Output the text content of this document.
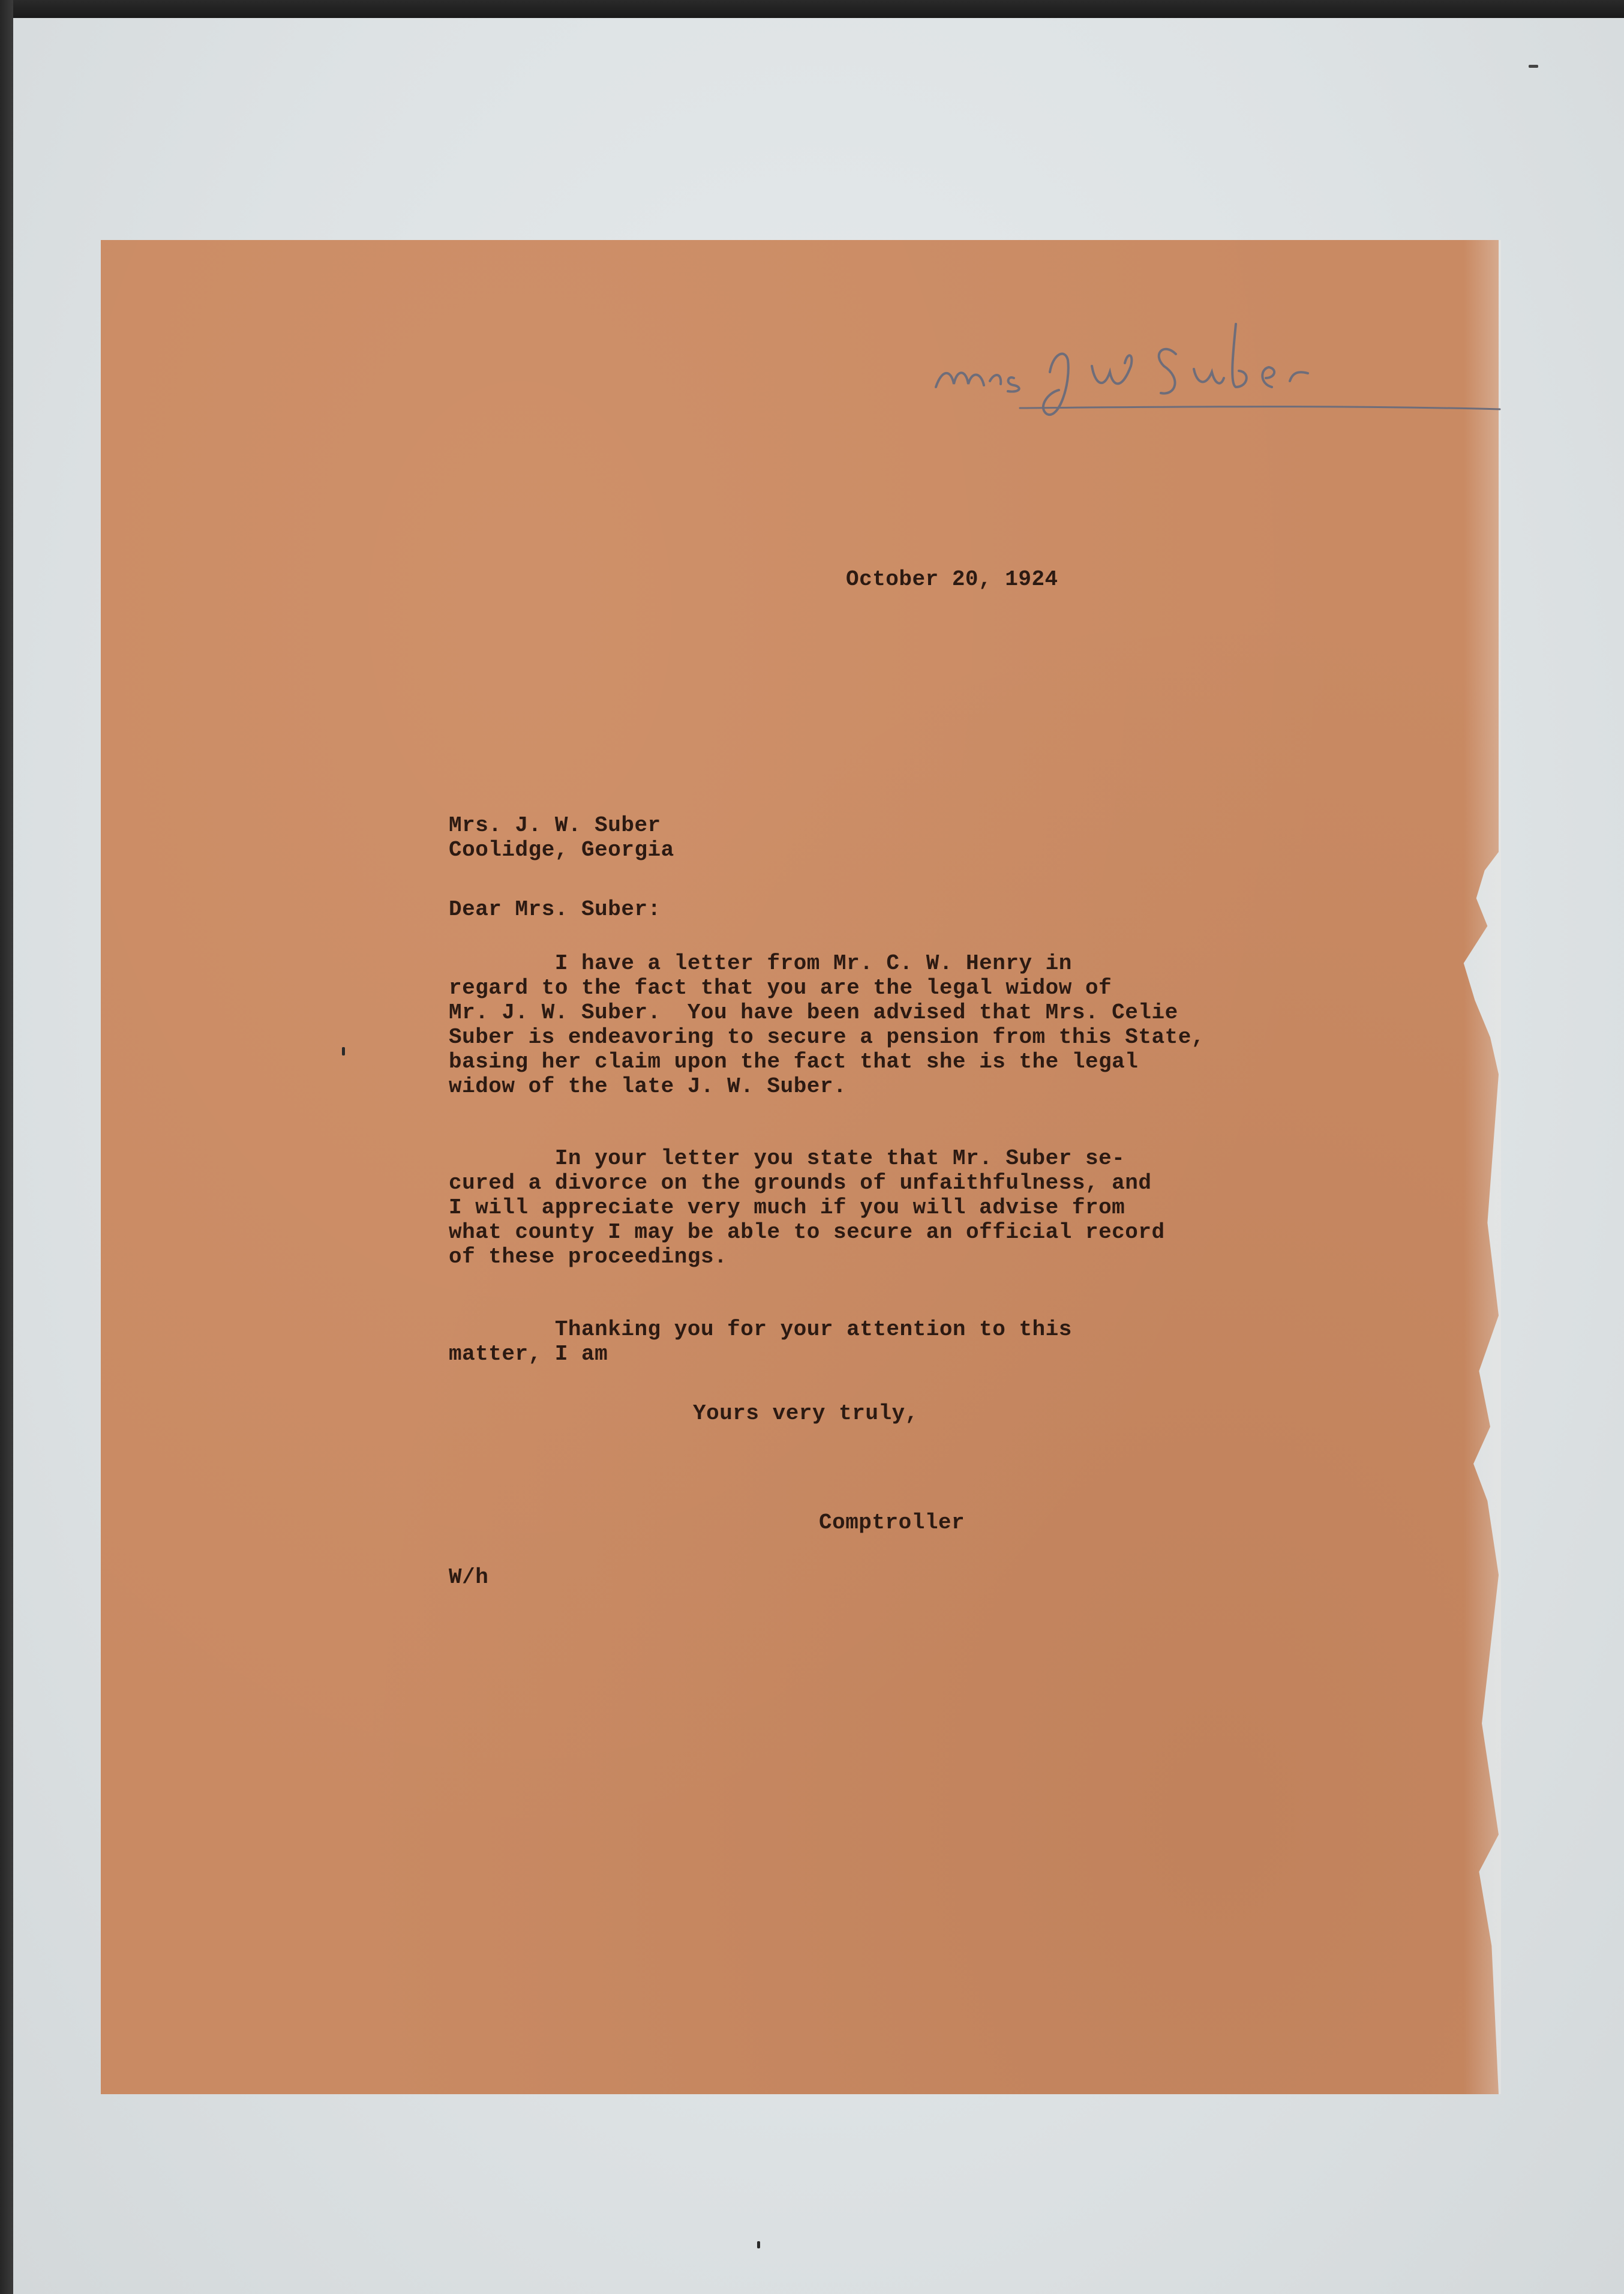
October 20, 1924
Mrs. J. W. Suber
Coolidge, Georgia
Dear Mrs. Suber:
I have a letter from Mr. C. W. Henry in
regard to the fact that you are the legal widow of
Mr. J. W. Suber.  You have been advised that Mrs. Celie
Suber is endeavoring to secure a pension from this State,
basing her claim upon the fact that she is the legal
widow of the late J. W. Suber.
In your letter you state that Mr. Suber se-
cured a divorce on the grounds of unfaithfulness, and
I will appreciate very much if you will advise from
what county I may be able to secure an official record
of these proceedings.
Thanking you for your attention to this
matter, I am
Yours very truly,
Comptroller
W/h
